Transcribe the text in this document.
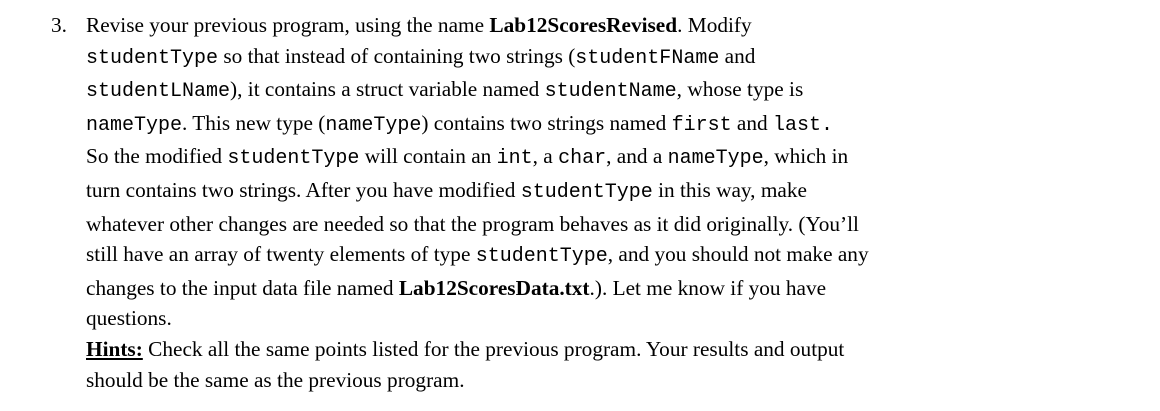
3. Revise your previous program, using the name Lab12ScoresRevised. Modify
studentType so that instead of containing two strings (studentFName and
studentLName), it contains a struct variable named studentName, whose type is
nameType. This new type (nameType) contains two strings named first and last.
So the modified studentType will contain an int, a char, and a nameType, which in
turn contains two strings. After you have modified studentType in this way, make
whatever other changes are needed so that the program behaves as it did originally. (You’ll
still have an array of twenty elements of type studentType, and you should not make any
changes to the input data file named Lab12ScoresData.txt.). Let me know if you have
questions.
Hints: Check all the same points listed for the previous program. Your results and output
should be the same as the previous program.
